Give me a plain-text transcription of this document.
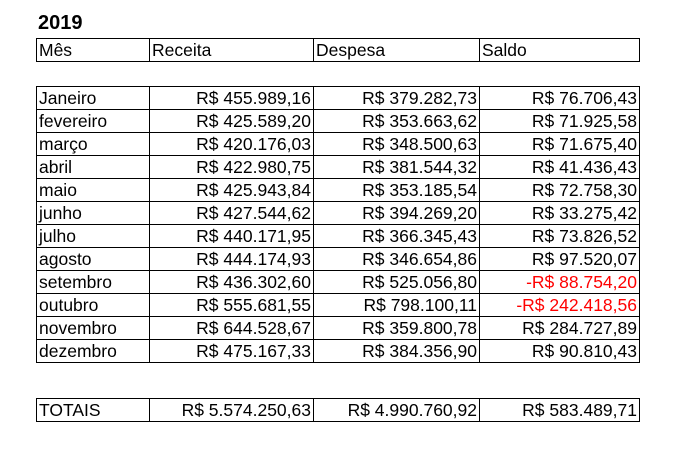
2019
Mês	Receita	Despesa	Saldo
Janeiro	R$ 455.989,16	R$ 379.282,73	R$ 76.706,43
fevereiro	R$ 425.589,20	R$ 353.663,62	R$ 71.925,58
março	R$ 420.176,03	R$ 348.500,63	R$ 71.675,40
abril	R$ 422.980,75	R$ 381.544,32	R$ 41.436,43
maio	R$ 425.943,84	R$ 353.185,54	R$ 72.758,30
junho	R$ 427.544,62	R$ 394.269,20	R$ 33.275,42
julho	R$ 440.171,95	R$ 366.345,43	R$ 73.826,52
agosto	R$ 444.174,93	R$ 346.654,86	R$ 97.520,07
setembro	R$ 436.302,60	R$ 525.056,80	-R$ 88.754,20
outubro	R$ 555.681,55	R$ 798.100,11	-R$ 242.418,56
novembro	R$ 644.528,67	R$ 359.800,78	R$ 284.727,89
dezembro	R$ 475.167,33	R$ 384.356,90	R$ 90.810,43
TOTAIS	R$ 5.574.250,63	R$ 4.990.760,92	R$ 583.489,71
